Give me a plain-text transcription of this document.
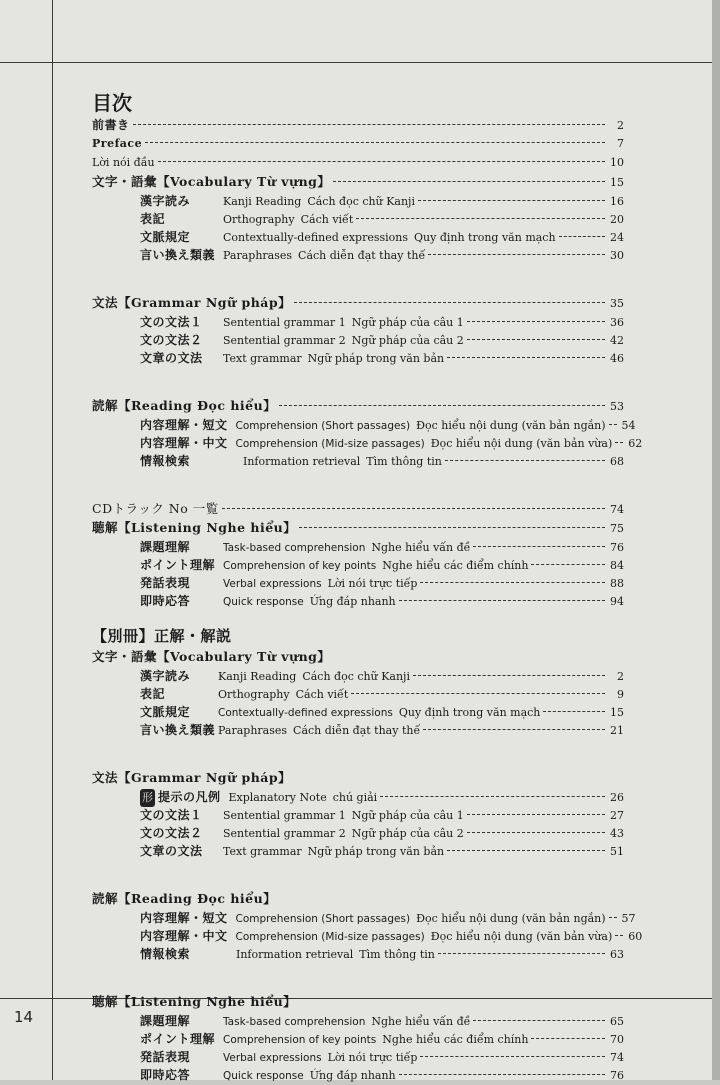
14
目次
前書き	2
Preface	7
Lời nói đầu	10
文字・語彙【Vocabulary Từ vựng】	15
漢字読み	Kanji Reading Cách đọc chữ Kanji	16
表記	Orthography Cách viết	20
文脈規定	Contextually-defined expressions Quy định trong văn mạch	24
言い換え類義 Paraphrases Cách diễn đạt thay thế	30
文法【Grammar Ngữ pháp】	35
文の文法１	Sentential grammar 1 Ngữ pháp của câu 1	36
文の文法２	Sentential grammar 2 Ngữ pháp của câu 2	42
文章の文法	Text grammar Ngữ pháp trong văn bản	46
読解【Reading Đọc hiểu】	53
内容理解・短文 Comprehension (Short passages) Đọc hiểu nội dung (văn bản ngắn) 54
内容理解・中文 Comprehension (Mid-size passages) Đọc hiểu nội dung (văn bản vừa) 62
情報検索	Information retrieval Tìm thông tin	68
CDトラック No 一覧	74
聴解【Listening Nghe hiểu】	75
課題理解	Task-based comprehension Nghe hiểu vấn đề	76
ポイント理解 Comprehension of key points Nghe hiểu các điểm chính	84
発話表現	Verbal expressions Lời nói trực tiếp	88
即時応答	Quick response Ứng đáp nhanh	94
【別冊】正解・解説
文字・語彙【Vocabulary Từ vựng】
漢字読み	Kanji Reading Cách đọc chữ Kanji	2
表記	Orthography Cách viết	9
文脈規定	Contextually-defined expressions Quy định trong văn mạch	15
言い換え類義 Paraphrases Cách diễn đạt thay thế	21
文法【Grammar Ngữ pháp】
形 提示の凡例 Explanatory Note chú giải	26
文の文法１	Sentential grammar 1 Ngữ pháp của câu 1	27
文の文法２	Sentential grammar 2 Ngữ pháp của câu 2	43
文章の文法	Text grammar Ngữ pháp trong văn bản	51
読解【Reading Đọc hiểu】
内容理解・短文 Comprehension (Short passages) Đọc hiểu nội dung (văn bản ngắn) 57
内容理解・中文 Comprehension (Mid-size passages) Đọc hiểu nội dung (văn bản vừa) 60
情報検索	Information retrieval Tìm thông tin	63
聴解【Listening Nghe hiểu】
課題理解	Task-based comprehension Nghe hiểu vấn đề	65
ポイント理解 Comprehension of key points Nghe hiểu các điểm chính	70
発話表現	Verbal expressions Lời nói trực tiếp	74
即時応答	Quick response Ứng đáp nhanh	76
